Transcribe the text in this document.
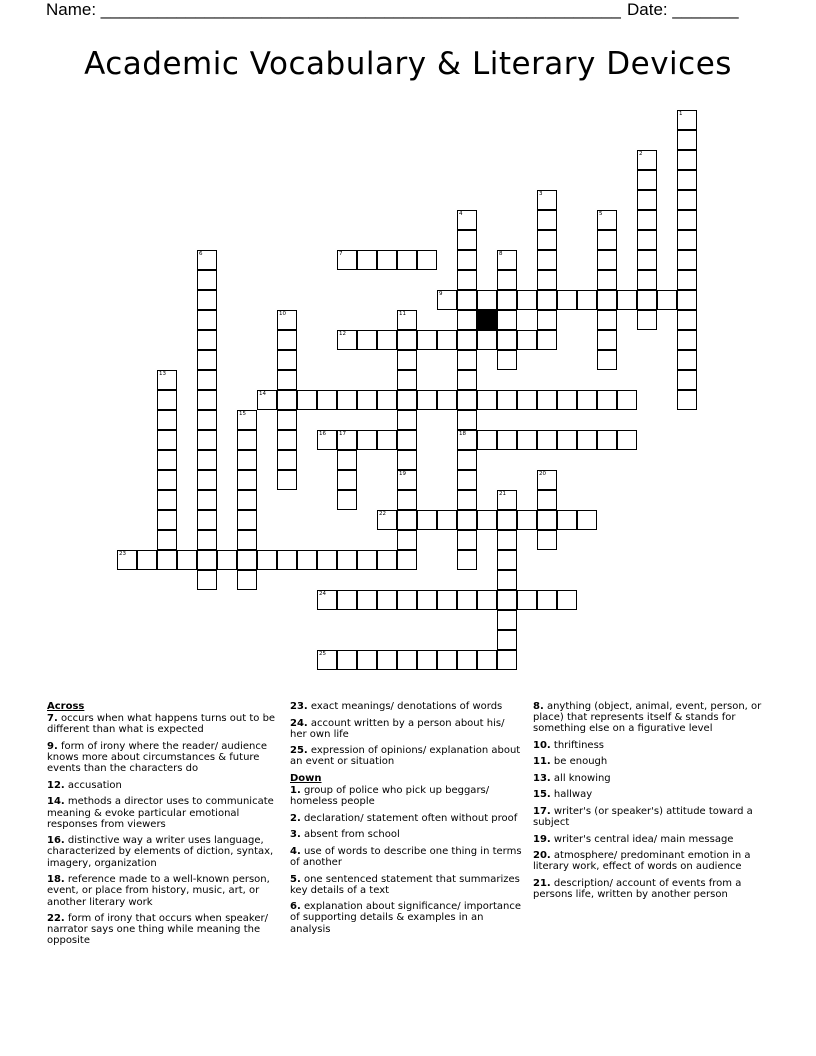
Name: _______________________________________________________ Date: _______
Academic Vocabulary & Literary Devices
1
2
3
4
18
5
6	7	8
9
10	11
12
13
14
15
16 17
19	20
21
22
23
24
25
Across
7. occurs when what happens turns out to be different than what is expected
9. form of irony where the reader/ audience knows more about circumstances & future events than the characters do
12. accusation
14. methods a director uses to communicate meaning & evoke particular emotional responses from viewers
16. distinctive way a writer uses language, characterized by elements of diction, syntax, imagery, organization
18. reference made to a well-known person, event, or place from history, music, art, or another literary work
22. form of irony that occurs when speaker/ narrator says one thing while meaning the opposite
23. exact meanings/ denotations of words
24. account written by a person about his/ her own life
25. expression of opinions/ explanation about an event or situation
Down
1. group of police who pick up beggars/ homeless people
2. declaration/ statement often without proof
3. absent from school
4. use of words to describe one thing in terms of another
5. one sentenced statement that summarizes key details of a text
6. explanation about significance/ importance of supporting details & examples in an analysis
8. anything (object, animal, event, person, or place) that represents itself & stands for something else on a figurative level
10. thriftiness
11. be enough
13. all knowing
15. hallway
17. writer's (or speaker's) attitude toward a subject
19. writer's central idea/ main message
20. atmosphere/ predominant emotion in a literary work, effect of words on audience
21. description/ account of events from a persons life, written by another person
